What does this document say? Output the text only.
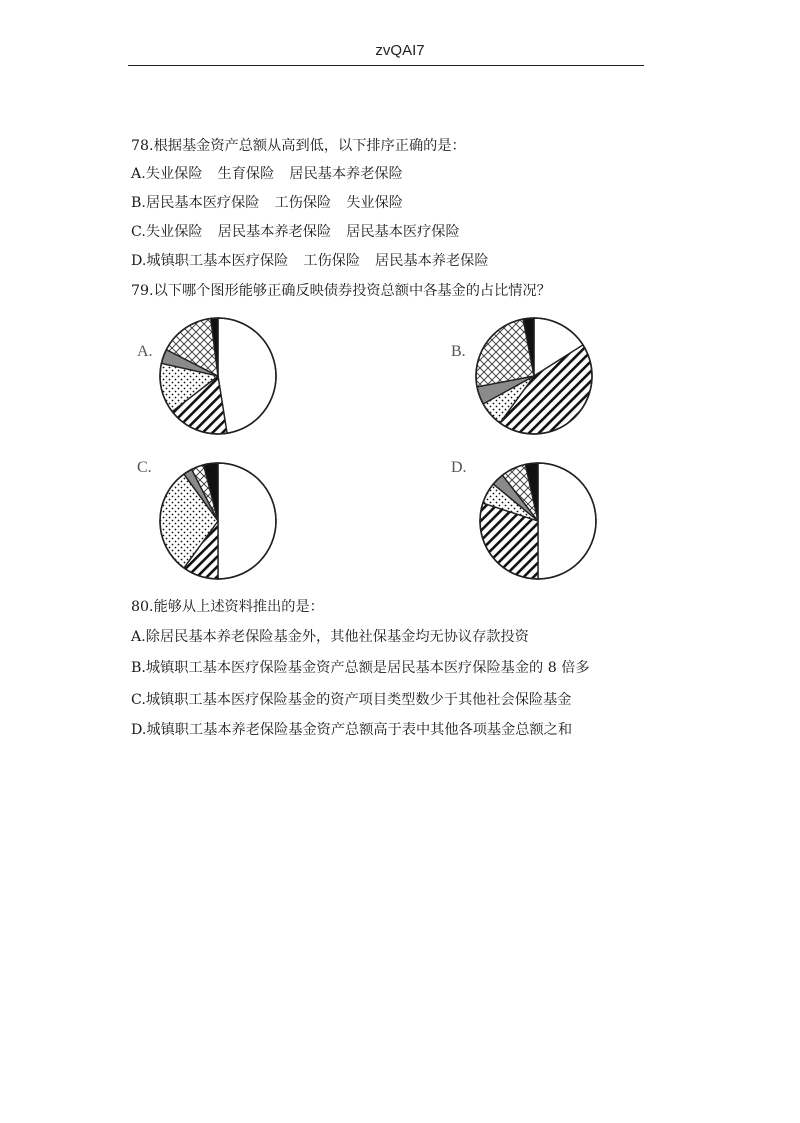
zvQAI7
78.根据基金资产总额从高到低，以下排序正确的是：
A.失业保险 生育保险 居民基本养老保险
B.居民基本医疗保险 工伤保险 失业保险
C.失业保险 居民基本养老保险 居民基本医疗保险
D.城镇职工基本医疗保险 工伤保险 居民基本养老保险
79.以下哪个图形能够正确反映债券投资总额中各基金的占比情况？
A.	B.
C.	D.
80.能够从上述资料推出的是：
A.除居民基本养老保险基金外，其他社保基金均无协议存款投资
B.城镇职工基本医疗保险基金资产总额是居民基本医疗保险基金的 8 倍多
C.城镇职工基本医疗保险基金的资产项目类型数少于其他社会保险基金
D.城镇职工基本养老保险基金资产总额高于表中其他各项基金总额之和
